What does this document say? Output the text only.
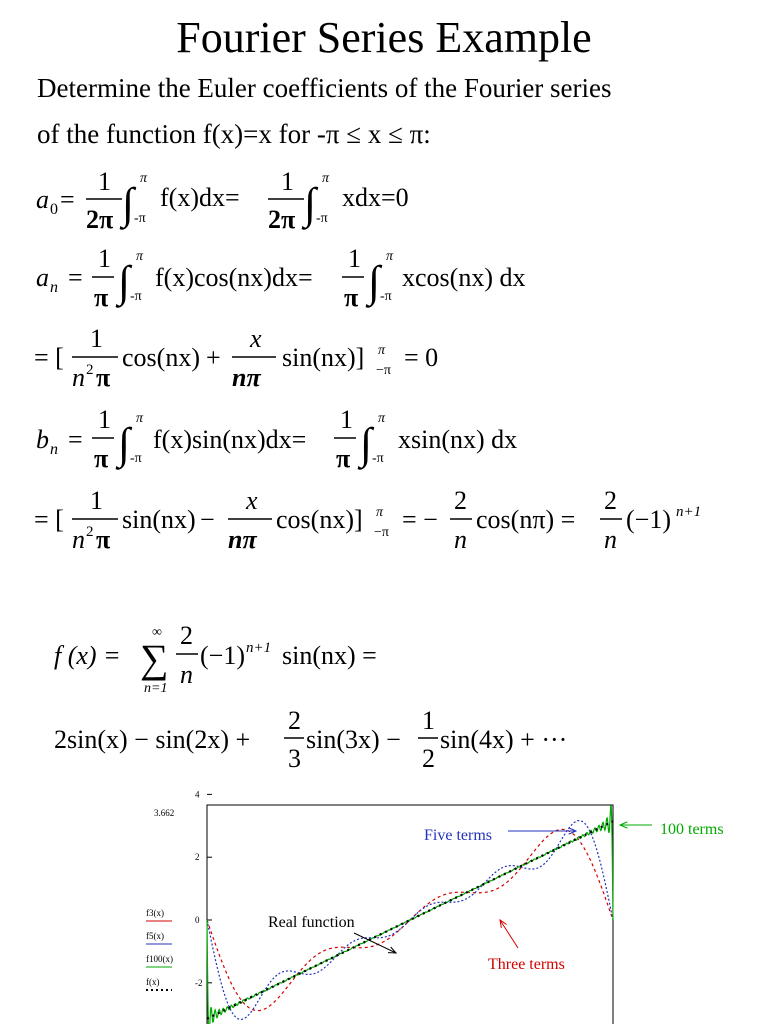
Fourier Series Example
Determine the Euler coefficients of the Fourier series
of the function f(x)=x for -π ≤ x ≤ π:
a 0 =
1
2π ∫
π
-π
f(x)dx=
1
2π ∫
π
-π
xdx=0
a n =
1
π ∫
π
-π
f(x)cos(nx)dx=
1
π ∫
π
-π
xcos(nx) dx
= [
1
n 2 π
cos(nx) +
x
nπ
sin(nx)] π
−π = 0
b n =
1
π ∫
π
-π
f(x)sin(nx)dx=
1
π ∫
π
-π
xsin(nx) dx
= [
1
n 2 π
sin(nx) −
x
nπ
cos(nx)] π
−π = −
2
n
cos(nπ) =
2
n
(−1) n+1
f (x) =
∞
∑
n=1
2
n
(−1) n+1 sin(nx) =
2sin(x) − sin(2x) +
2
3
sin(3x) −
1
2
sin(4x) + ···
3.662
4
2
0
-2
f3(x)
f5(x)
f100(x)
f(x)
Five terms	100 terms
Real function
Three terms
